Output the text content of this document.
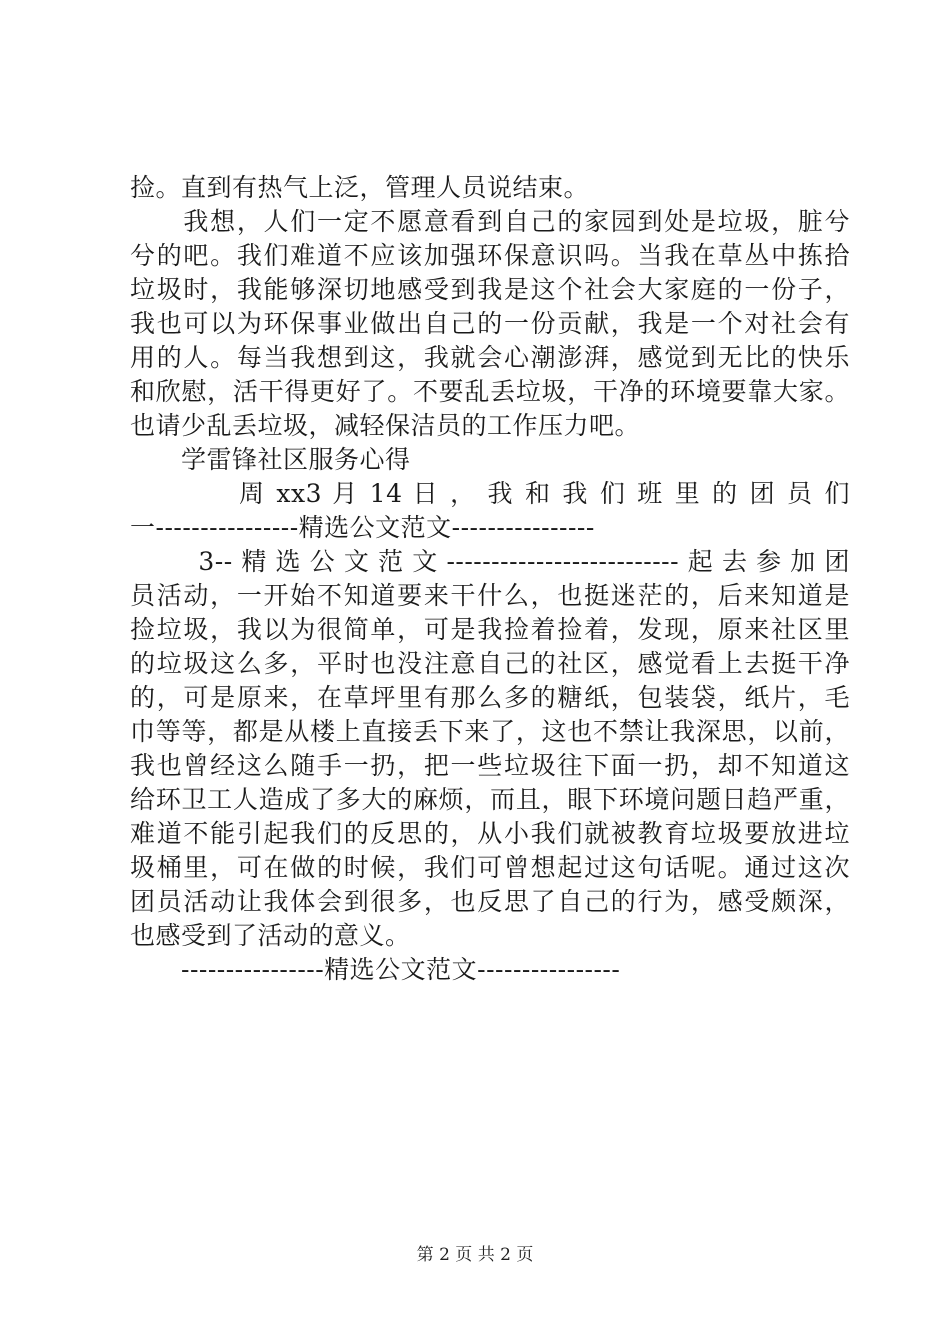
捡。直到有热气上泛，管理人员说结束。
　　我想，人们一定不愿意看到自己的家园到处是垃圾，脏兮
兮的吧。我们难道不应该加强环保意识吗。当我在草丛中拣拾
垃圾时，我能够深切地感受到我是这个社会大家庭的一份子，
我也可以为环保事业做出自己的一份贡献，我是一个对社会有
用的人。每当我想到这，我就会心潮澎湃，感觉到无比的快乐
和欣慰，活干得更好了。不要乱丢垃圾，干净的环境要靠大家。
也请少乱丢垃圾，减轻保洁员的工作压力吧。
　　学雷锋社区服务心得
　　　　周 xx3 月 14 日 ， 我 和 我 们 班 里 的 团 员 们
一----------------精选公文范文----------------
　　3--精选公文范文--------------------------起去参加团
员活动，一开始不知道要来干什么，也挺迷茫的，后来知道是
捡垃圾，我以为很简单，可是我捡着捡着，发现，原来社区里
的垃圾这么多，平时也没注意自己的社区，感觉看上去挺干净
的，可是原来，在草坪里有那么多的糖纸，包装袋，纸片，毛
巾等等，都是从楼上直接丢下来了，这也不禁让我深思，以前，
我也曾经这么随手一扔，把一些垃圾往下面一扔，却不知道这
给环卫工人造成了多大的麻烦，而且，眼下环境问题日趋严重，
难道不能引起我们的反思的，从小我们就被教育垃圾要放进垃
圾桶里，可在做的时候，我们可曾想起过这句话呢。通过这次
团员活动让我体会到很多，也反思了自己的行为，感受颇深，
也感受到了活动的意义。
　　----------------精选公文范文----------------
第 2 页 共 2 页
